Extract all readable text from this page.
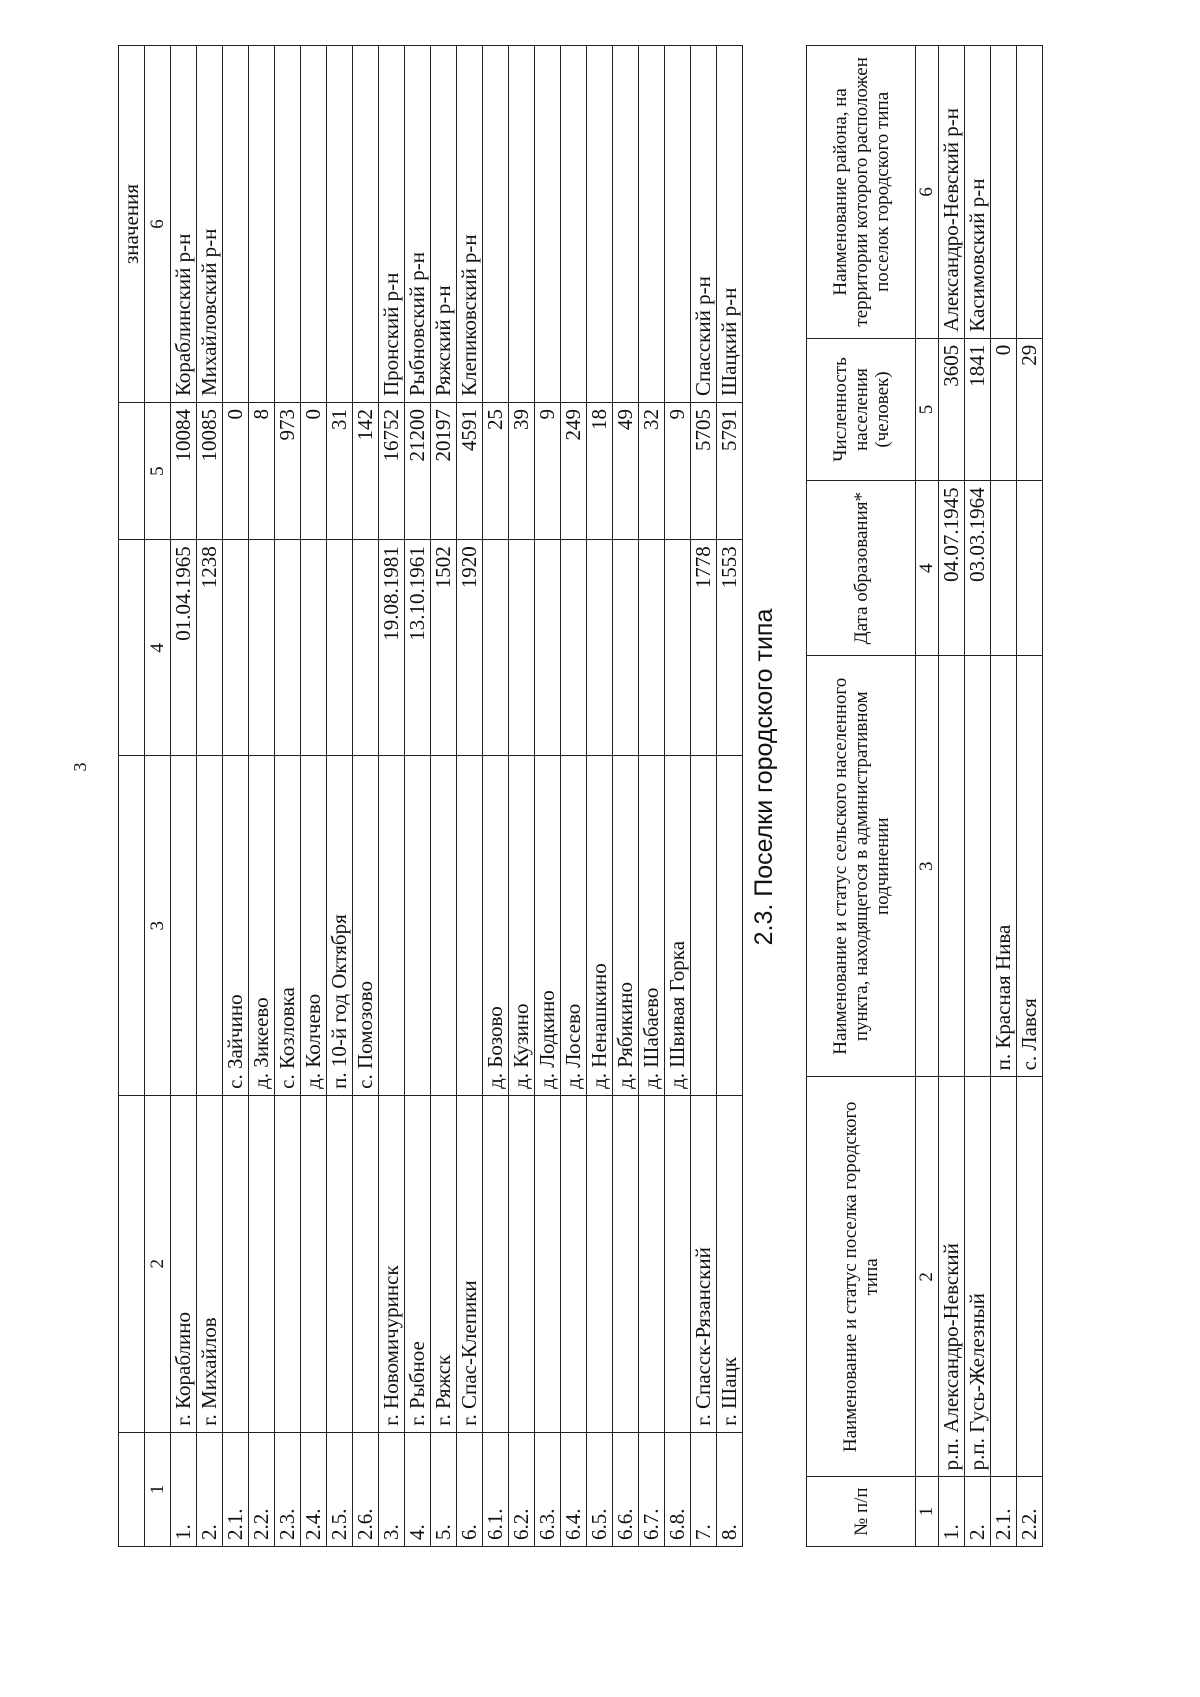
3
					значения
1	2	3	4	5	6
1.	г. Кораблино		01.04.1965	10084	Кораблинский р-н
2.	г. Михайлов		1238	10085	Михайловский р-н
2.1.		с. Зайчино		0	
2.2.		д. Зикеево		8	
2.3.		с. Козловка		973	
2.4.		д. Колчево		0	
2.5.		п. 10-й год Октября		31	
2.6.		с. Помозово		142	
3.	г. Новомичуринск		19.08.1981	16752	Пронский р-н
4.	г. Рыбное		13.10.1961	21200	Рыбновский р-н
5.	г. Ряжск		1502	20197	Ряжский р-н
6.	г. Спас-Клепики		1920	4591	Клепиковский р-н
6.1.		д. Бозово		25	
6.2.		д. Кузино		39	
6.3.		д. Лодкино		9	
6.4.		д. Лосево		249	
6.5.		д. Ненашкино		18	
6.6.		д. Рябикино		49	
6.7.		д. Шабаево		32	
6.8.		д. Швивая Горка		9	
7.	г. Спасск-Рязанский		1778	5705	Спасский р-н
8.	г. Шацк		1553	5791	Шацкий р-н
2.3. Поселки городского типа
№ п/п	Наименование и статус поселка городского типа	Наименование и статус сельского населенного пункта, находящегося в административном подчинении	Дата образования*	Численность населения (человек)	Наименование района, на территории которого расположен поселок городского типа
1	2	3	4	5	6
1.	р.п. Александро-Невский		04.07.1945	3605	Александро-Невский р-н
2.	р.п. Гусь-Железный		03.03.1964	1841	Касимовский р-н
2.1.		п. Красная Нива		0	
2.2.		с. Лався		29	
